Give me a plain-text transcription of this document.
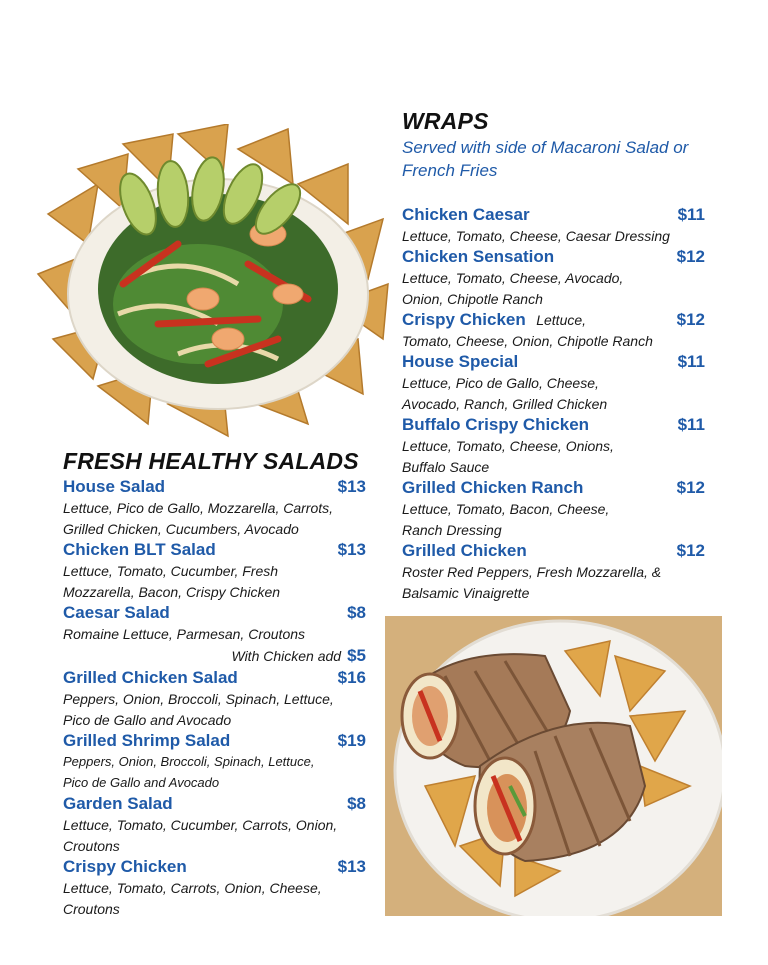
WRAPS
Served with side of Macaroni Salad or French Fries
Chicken Caesar	$11
Lettuce, Tomato, Cheese, Caesar Dressing
Chicken Sensation	$12
Lettuce, Tomato, Cheese, Avocado, Onion, Chipotle Ranch
Crispy Chicken Lettuce,	$12
Tomato, Cheese, Onion, Chipotle Ranch
House Special	$11
Lettuce, Pico de Gallo, Cheese, Avocado, Ranch, Grilled Chicken
Buffalo Crispy Chicken	$11
Lettuce, Tomato, Cheese, Onions, Buffalo Sauce
Grilled Chicken Ranch	$12
Lettuce, Tomato, Bacon, Cheese, Ranch Dressing
Grilled Chicken	$12
Roster Red Peppers, Fresh Mozzarella, & Balsamic Vinaigrette
FRESH HEALTHY SALADS
House Salad	$13
Lettuce, Pico de Gallo, Mozzarella, Carrots, Grilled Chicken, Cucumbers, Avocado
Chicken BLT Salad	$13
Lettuce, Tomato, Cucumber, Fresh Mozzarella, Bacon, Crispy Chicken
Caesar Salad	$8
Romaine Lettuce, Parmesan, Croutons
With Chicken add $5
Grilled Chicken Salad	$16
Peppers, Onion, Broccoli, Spinach, Lettuce, Pico de Gallo and Avocado
Grilled Shrimp Salad	$19
Peppers, Onion, Broccoli, Spinach, Lettuce, Pico de Gallo and Avocado
Garden Salad	$8
Lettuce, Tomato, Cucumber, Carrots, Onion, Croutons
Crispy Chicken	$13
Lettuce, Tomato, Carrots, Onion, Cheese, Croutons
